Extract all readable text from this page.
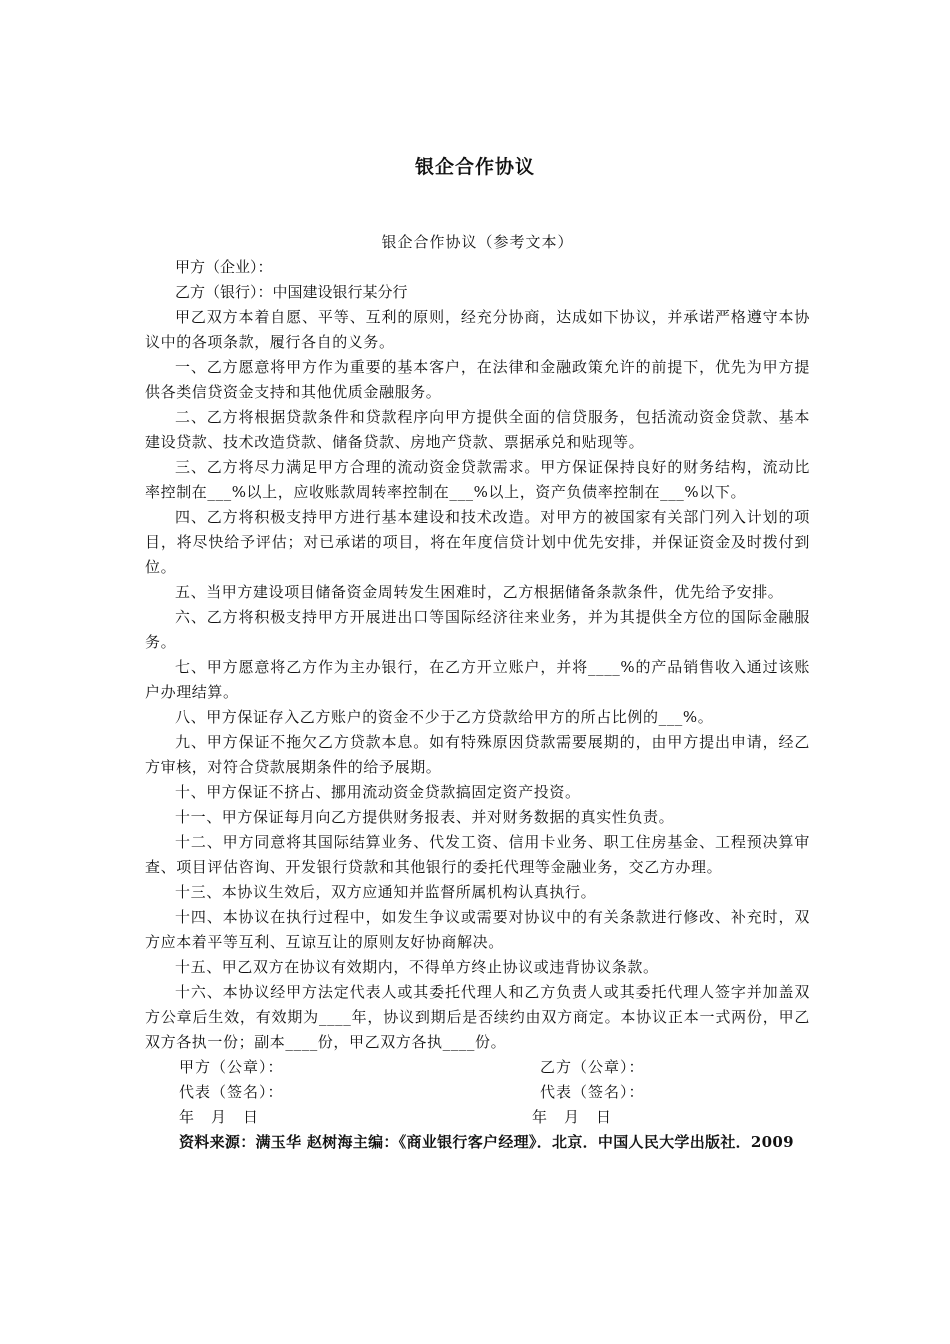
银企合作协议
银企合作协议（参考文本）

甲方（企业）：

乙方（银行）：中国建设银行某分行

甲乙双方本着自愿、平等、互利的原则，经充分协商，达成如下协议，并承诺严格遵守本协议中的各项条款，履行各自的义务。

一、乙方愿意将甲方作为重要的基本客户，在法律和金融政策允许的前提下，优先为甲方提供各类信贷资金支持和其他优质金融服务。

二、乙方将根据贷款条件和贷款程序向甲方提供全面的信贷服务，包括流动资金贷款、基本建设贷款、技术改造贷款、储备贷款、房地产贷款、票据承兑和贴现等。

三、乙方将尽力满足甲方合理的流动资金贷款需求。甲方保证保持良好的财务结构，流动比率控制在___%以上，应收账款周转率控制在___%以上，资产负债率控制在___%以下。

四、乙方将积极支持甲方进行基本建设和技术改造。对甲方的被国家有关部门列入计划的项目，将尽快给予评估；对已承诺的项目，将在年度信贷计划中优先安排，并保证资金及时拨付到位。

五、当甲方建设项目储备资金周转发生困难时，乙方根据储备条款条件，优先给予安排。

六、乙方将积极支持甲方开展进出口等国际经济往来业务，并为其提供全方位的国际金融服务。

七、甲方愿意将乙方作为主办银行，在乙方开立账户，并将____%的产品销售收入通过该账户办理结算。

八、甲方保证存入乙方账户的资金不少于乙方贷款给甲方的所占比例的___%。

九、甲方保证不拖欠乙方贷款本息。如有特殊原因贷款需要展期的，由甲方提出申请，经乙方审核，对符合贷款展期条件的给予展期。

十、甲方保证不挤占、挪用流动资金贷款搞固定资产投资。

十一、甲方保证每月向乙方提供财务报表、并对财务数据的真实性负责。

十二、甲方同意将其国际结算业务、代发工资、信用卡业务、职工住房基金、工程预决算审查、项目评估咨询、开发银行贷款和其他银行的委托代理等金融业务，交乙方办理。

十三、本协议生效后，双方应通知并监督所属机构认真执行。

十四、本协议在执行过程中，如发生争议或需要对协议中的有关条款进行修改、补充时，双方应本着平等互利、互谅互让的原则友好协商解决。

十五、甲乙双方在协议有效期内，不得单方终止协议或违背协议条款。

十六、本协议经甲方法定代表人或其委托代理人和乙方负责人或其委托代理人签字并加盖双方公章后生效，有效期为____年，协议到期后是否续约由双方商定。本协议正本一式两份，甲乙双方各执一份；副本____份，甲乙双方各执____份。

甲方（公章）：	乙方（公章）：
代表（签名）：	代表（签名）：
年　月　日	年　月　日

资料来源：满玉华 赵树海主编：《商业银行客户经理》．北京．中国人民大学出版社．2009
